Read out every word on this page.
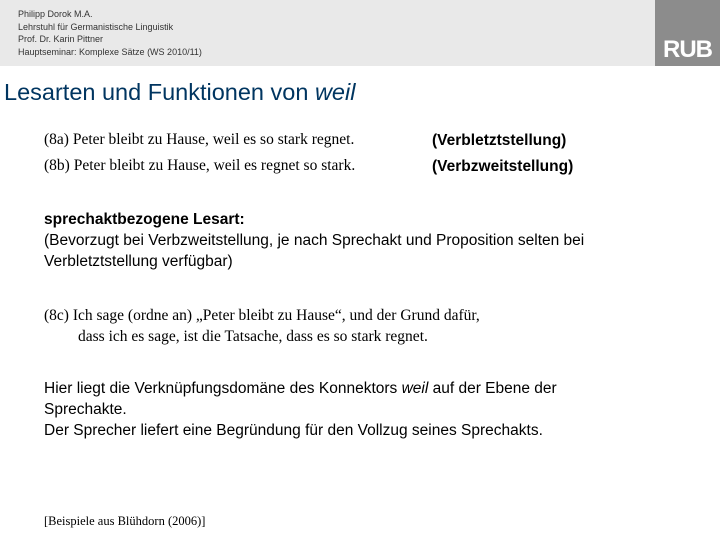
Philipp Dorok M.A.
Lehrstuhl für Germanistische Linguistik
Prof. Dr. Karin Pittner
Hauptseminar: Komplexe Sätze (WS 2010/11)	RUB
Lesarten und Funktionen von weil
(8a) Peter bleibt zu Hause, weil es so stark regnet.	(Verbletztstellung)
(8b) Peter bleibt zu Hause, weil es regnet so stark.	(Verbzweitstellung)
sprechaktbezogene Lesart:
(Bevorzugt bei Verbzweitstellung, je nach Sprechakt und Proposition selten bei
Verbletztstellung verfügbar)
(8c) Ich sage (ordne an) „Peter bleibt zu Hause“, und der Grund dafür,
dass ich es sage, ist die Tatsache, dass es so stark regnet.
Hier liegt die Verknüpfungsdomäne des Konnektors weil auf der Ebene der
Sprechakte.
Der Sprecher liefert eine Begründung für den Vollzug seines Sprechakts.
[Beispiele aus Blühdorn (2006)]
